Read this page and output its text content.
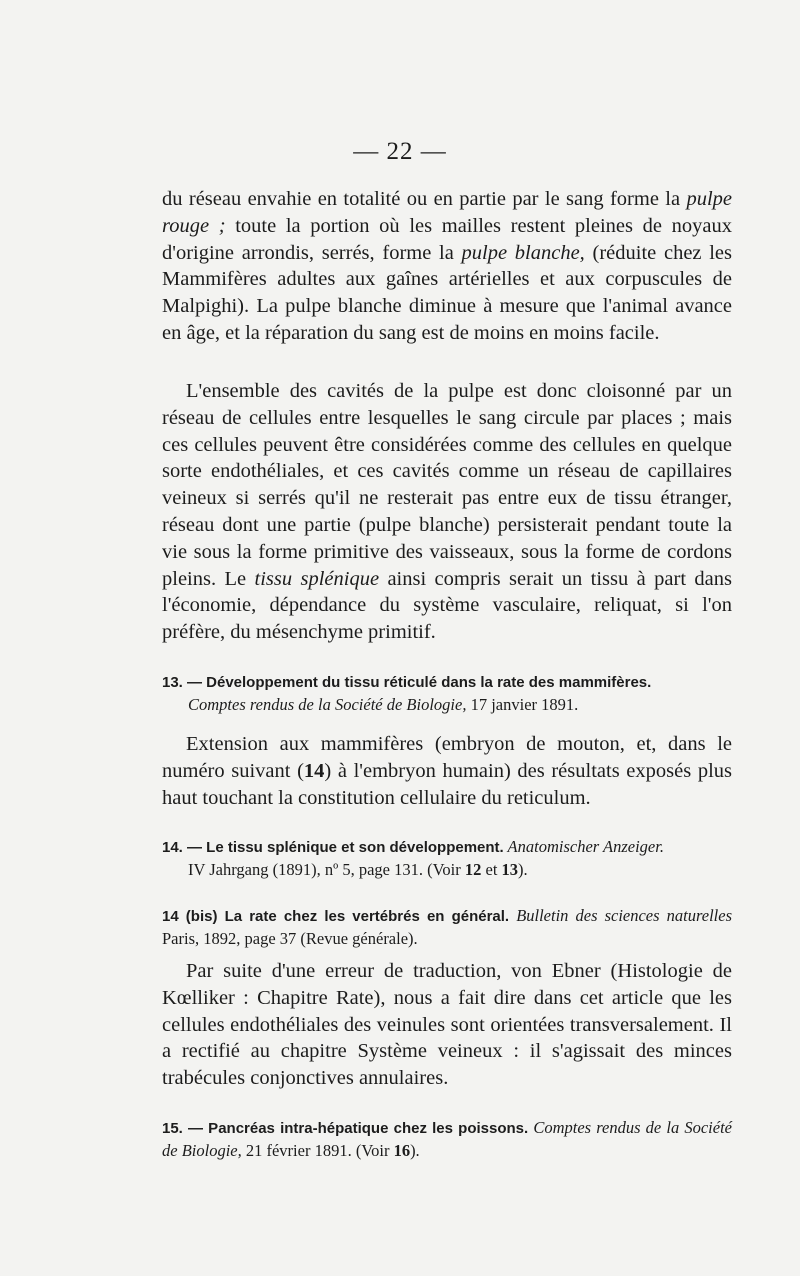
— 22 —

du réseau envahie en totalité ou en partie par le sang forme la pulpe rouge ; toute la portion où les mailles restent pleines de noyaux d'origine arrondis, serrés, forme la pulpe blanche, (réduite chez les Mammifères adultes aux gaînes artérielles et aux corpuscules de Malpighi). La pulpe blanche diminue à mesure que l'animal avance en âge, et la réparation du sang est de moins en moins facile.

L'ensemble des cavités de la pulpe est donc cloisonné par un réseau de cellules entre lesquelles le sang circule par places ; mais ces cellules peuvent être considérées comme des cellules en quelque sorte endothéliales, et ces cavités comme un réseau de capillaires veineux si serrés qu'il ne resterait pas entre eux de tissu étranger, réseau dont une partie (pulpe blanche) persisterait pendant toute la vie sous la forme primitive des vaisseaux, sous la forme de cordons pleins. Le tissu splénique ainsi compris serait un tissu à part dans l'économie, dépendance du système vasculaire, reliquat, si l'on préfère, du mésenchyme primitif.

13. — Développement du tissu réticulé dans la rate des mammifères.
Comptes rendus de la Société de Biologie, 17 janvier 1891.

Extension aux mammifères (embryon de mouton, et, dans le numéro suivant (14) à l'embryon humain) des résultats exposés plus haut touchant la constitution cellulaire du reticulum.

14. — Le tissu splénique et son développement. Anatomischer Anzeiger.
IV Jahrgang (1891), nº 5, page 131. (Voir 12 et 13).

14 (bis) La rate chez les vertébrés en général. Bulletin des sciences naturelles Paris, 1892, page 37 (Revue générale).

Par suite d'une erreur de traduction, von Ebner (Histologie de Kœlliker : Chapitre Rate), nous a fait dire dans cet article que les cellules endothéliales des veinules sont orientées transversalement. Il a rectifié au chapitre Système veineux : il s'agissait des minces trabécules conjonctives annulaires.

15. — Pancréas intra-hépatique chez les poissons. Comptes rendus de la Société de Biologie, 21 février 1891. (Voir 16).
